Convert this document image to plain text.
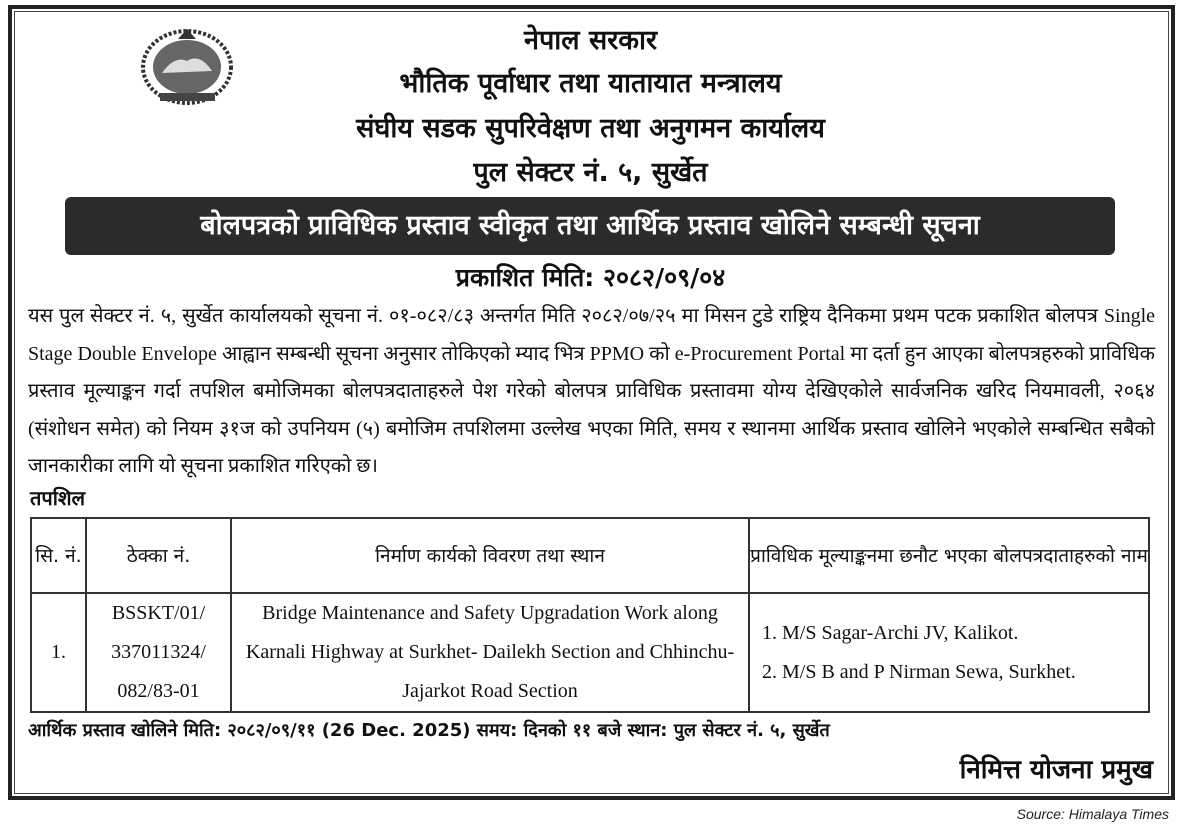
नेपाल सरकार
भौतिक पूर्वाधार तथा यातायात मन्त्रालय
संघीय सडक सुपरिवेक्षण तथा अनुगमन कार्यालय
पुल सेक्टर नं. ५, सुर्खेत
बोलपत्रको प्राविधिक प्रस्ताव स्वीकृत तथा आर्थिक प्रस्ताव खोलिने सम्बन्धी सूचना
प्रकाशित मिति: २०८२/०९/०४
यस पुल सेक्टर नं. ५, सुर्खेत कार्यालयको सूचना नं. ०१-०८२/८३ अन्तर्गत मिति २०८२/०७/२५ मा मिसन टुडे राष्ट्रिय दैनिकमा प्रथम पटक प्रकाशित बोलपत्र Single Stage Double Envelope आह्वान सम्बन्धी सूचना अनुसार तोकिएको म्याद भित्र PPMO को e-Procurement Portal मा दर्ता हुन आएका बोलपत्रहरुको प्राविधिक प्रस्ताव मूल्याङ्कन गर्दा तपशिल बमोजिमका बोलपत्रदाताहरुले पेश गरेको बोलपत्र प्राविधिक प्रस्तावमा योग्य देखिएकोले सार्वजनिक खरिद नियमावली, २०६४ (संशोधन समेत) को नियम ३१ज को उपनियम (५) बमोजिम तपशिलमा उल्लेख भएका मिति, समय र स्थानमा आर्थिक प्रस्ताव खोलिने भएकोले सम्बन्धित सबैको जानकारीका लागि यो सूचना प्रकाशित गरिएको छ।
तपशिल
सि. नं.	ठेक्का नं.	निर्माण कार्यको विवरण तथा स्थान	प्राविधिक मूल्याङ्कनमा छनौट भएका बोलपत्रदाताहरुको नाम
1.	BSSKT/01/ 337011324/ 082/83-01	Bridge Maintenance and Safety Upgradation Work along Karnali Highway at Surkhet- Dailekh Section and Chhinchu-Jajarkot Road Section	1. M/S Sagar-Archi JV, Kalikot.
2. M/S B and P Nirman Sewa, Surkhet.
आर्थिक प्रस्ताव खोलिने मिति: २०८२/०९/११ (26 Dec. 2025) समय: दिनको ११ बजे स्थान: पुल सेक्टर नं. ५, सुर्खेत
निमित्त योजना प्रमुख
Source: Himalaya Times
